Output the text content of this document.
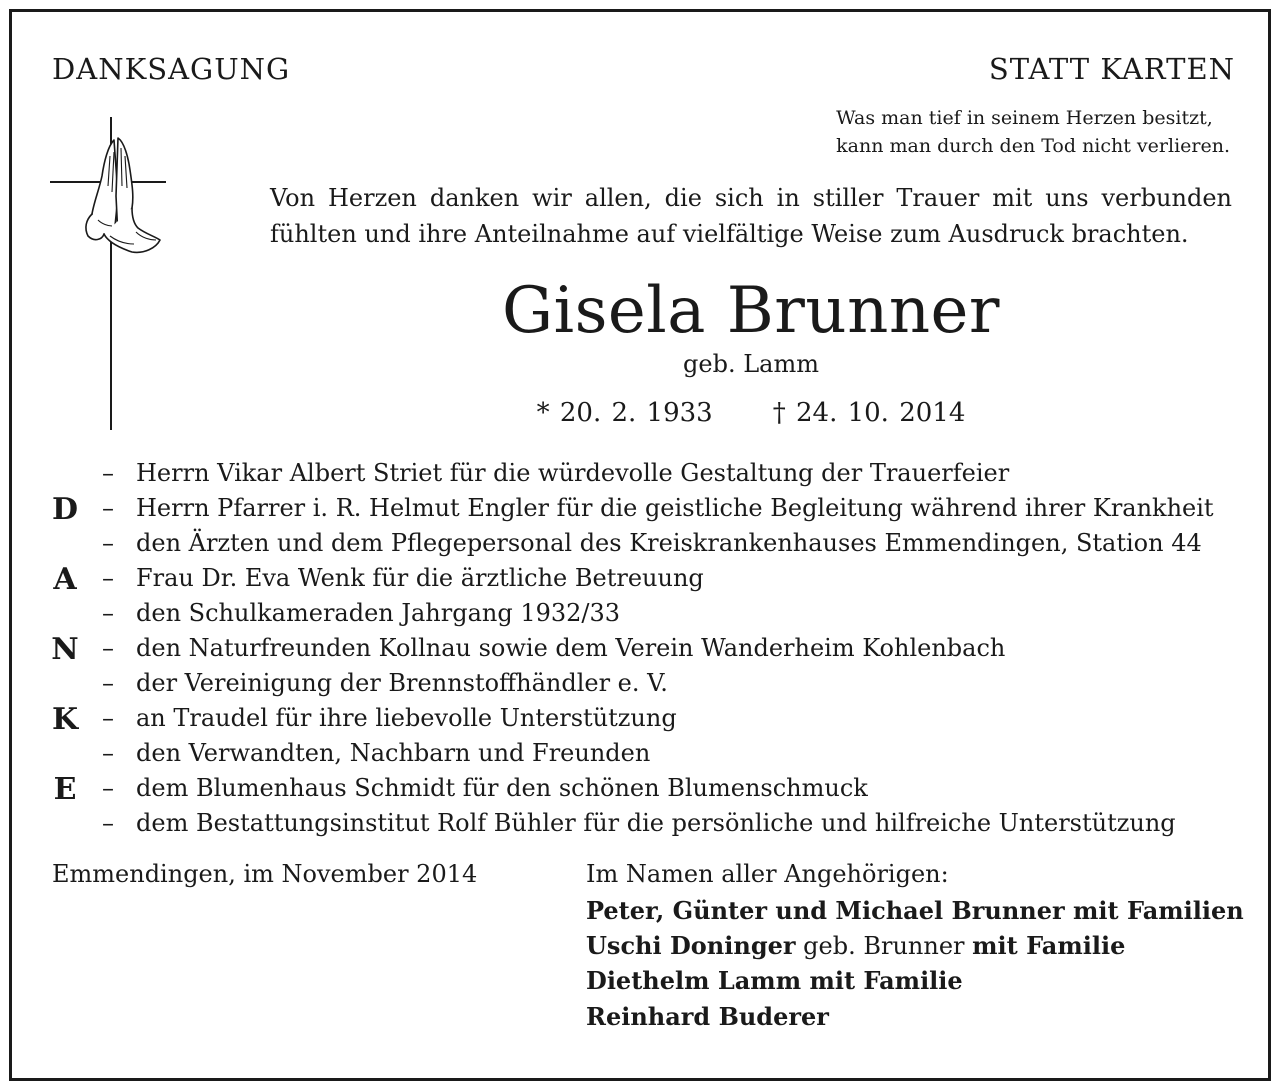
DANKSAGUNG	STATT KARTEN
Was man tief in seinem Herzen besitzt,
kann man durch den Tod nicht verlieren.
Von Herzen danken wir allen, die sich in stiller Trauer mit uns verbunden
fühlten und ihre Anteilnahme auf vielfältige Weise zum Ausdruck brachten.
Gisela Brunner
geb. Lamm
* 20. 2. 1933 † 24. 10. 2014
D
A
N
K
E
– Herrn Vikar Albert Striet für die würdevolle Gestaltung der Trauerfeier
– Herrn Pfarrer i. R. Helmut Engler für die geistliche Begleitung während ihrer Krankheit
– den Ärzten und dem Pflegepersonal des Kreiskrankenhauses Emmendingen, Station 44
– Frau Dr. Eva Wenk für die ärztliche Betreuung
– den Schulkameraden Jahrgang 1932/33
– den Naturfreunden Kollnau sowie dem Verein Wanderheim Kohlenbach
– der Vereinigung der Brennstoffhändler e. V.
– an Traudel für ihre liebevolle Unterstützung
– den Verwandten, Nachbarn und Freunden
– dem Blumenhaus Schmidt für den schönen Blumenschmuck
– dem Bestattungsinstitut Rolf Bühler für die persönliche und hilfreiche Unterstützung
Emmendingen, im November 2014	Im Namen aller Angehörigen:
Peter, Günter und Michael Brunner mit Familien
Uschi Doninger geb. Brunner mit Familie
Diethelm Lamm mit Familie
Reinhard Buderer
